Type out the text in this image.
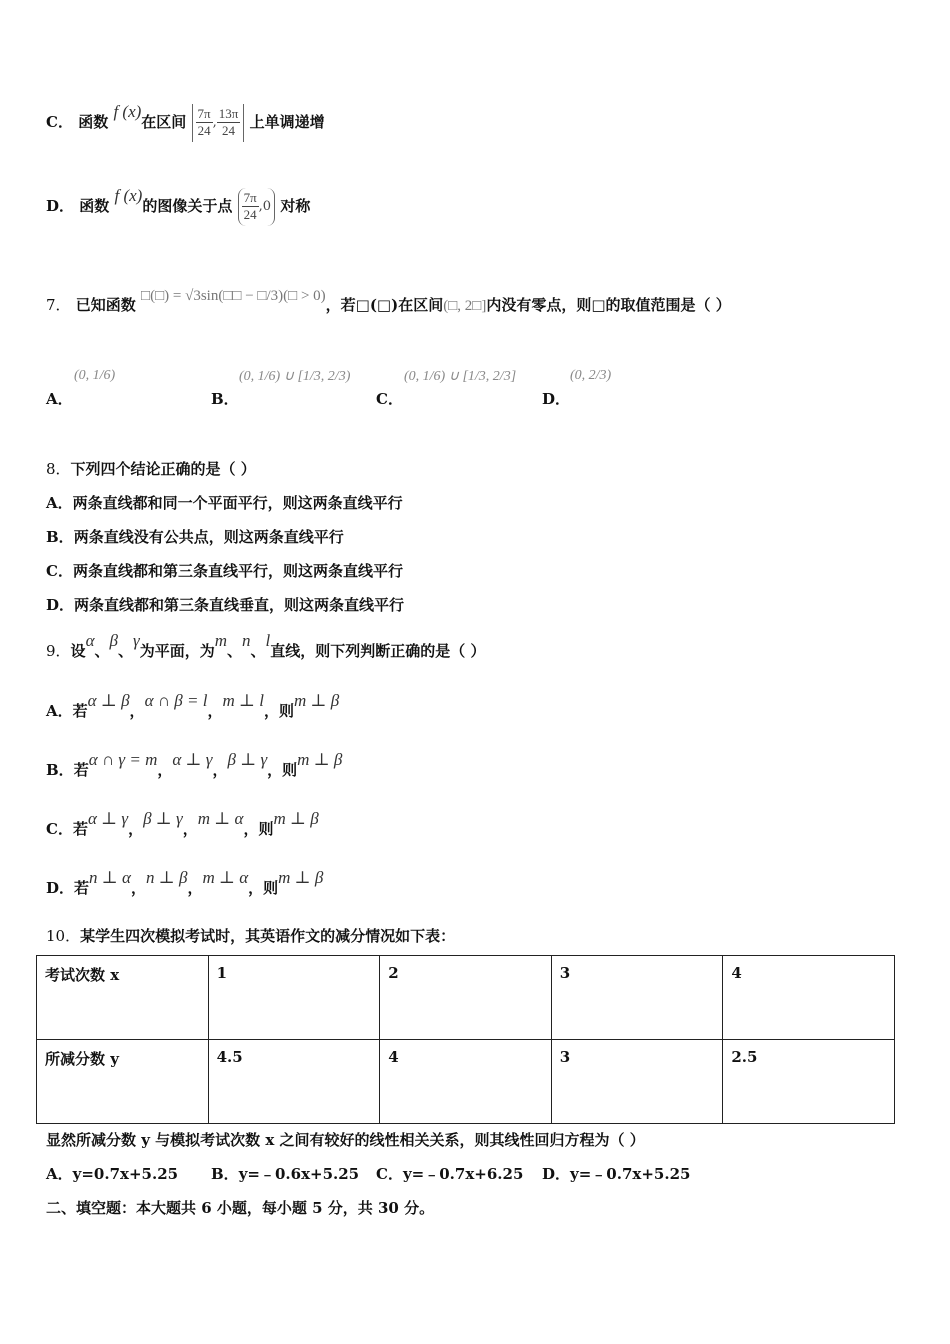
C． 函数 f (x)在区间 $\frac{7\pi}{24}$ , $\frac{13\pi}{24}$ 上单调递增
D． 函数 f (x)的图像关于点 $\frac{7\pi}{24} ,0$ 对称
7． 已知函数 □(□) = √3sin(□□ − □/3)(□ > 0)，若□(□)在区间(□, 2□]内没有零点，则□的取值范围是（ ）
A．
(0, 1/6)
B．
(0, 1/6) ∪ [1/3, 2/3)
C．
(0, 1/6) ∪ [1/3, 2/3]
D．
(0, 2/3)
8．下列四个结论正确的是（ ）
A．两条直线都和同一个平面平行，则这两条直线平行
B．两条直线没有公共点，则这两条直线平行
C．两条直线都和第三条直线平行，则这两条直线平行
D．两条直线都和第三条直线垂直，则这两条直线平行
9．设α、β、γ为平面，为m、n、l直线，则下列判断正确的是（ ）
A．若α ⊥ β，α ∩ β = l，m ⊥ l，则m ⊥ β
B．若α ∩ γ = m，α ⊥ γ，β ⊥ γ，则m ⊥ β
C．若α ⊥ γ，β ⊥ γ，m ⊥ α，则m ⊥ β
D．若n ⊥ α，n ⊥ β，m ⊥ α，则m ⊥ β
10．某学生四次模拟考试时，其英语作文的减分情况如下表：
考试次数 x	1	2	3	4
所减分数 y	4.5	4	3	2.5
显然所减分数 y 与模拟考试次数 x 之间有较好的线性相关关系，则其线性回归方程为（ ）
A．y=0.7x+5.25 B．y=﹣0.6x+5.25 C．y=﹣0.7x+6.25 D．y=﹣0.7x+5.25
二、填空题：本大题共 6 小题，每小题 5 分，共 30 分。
